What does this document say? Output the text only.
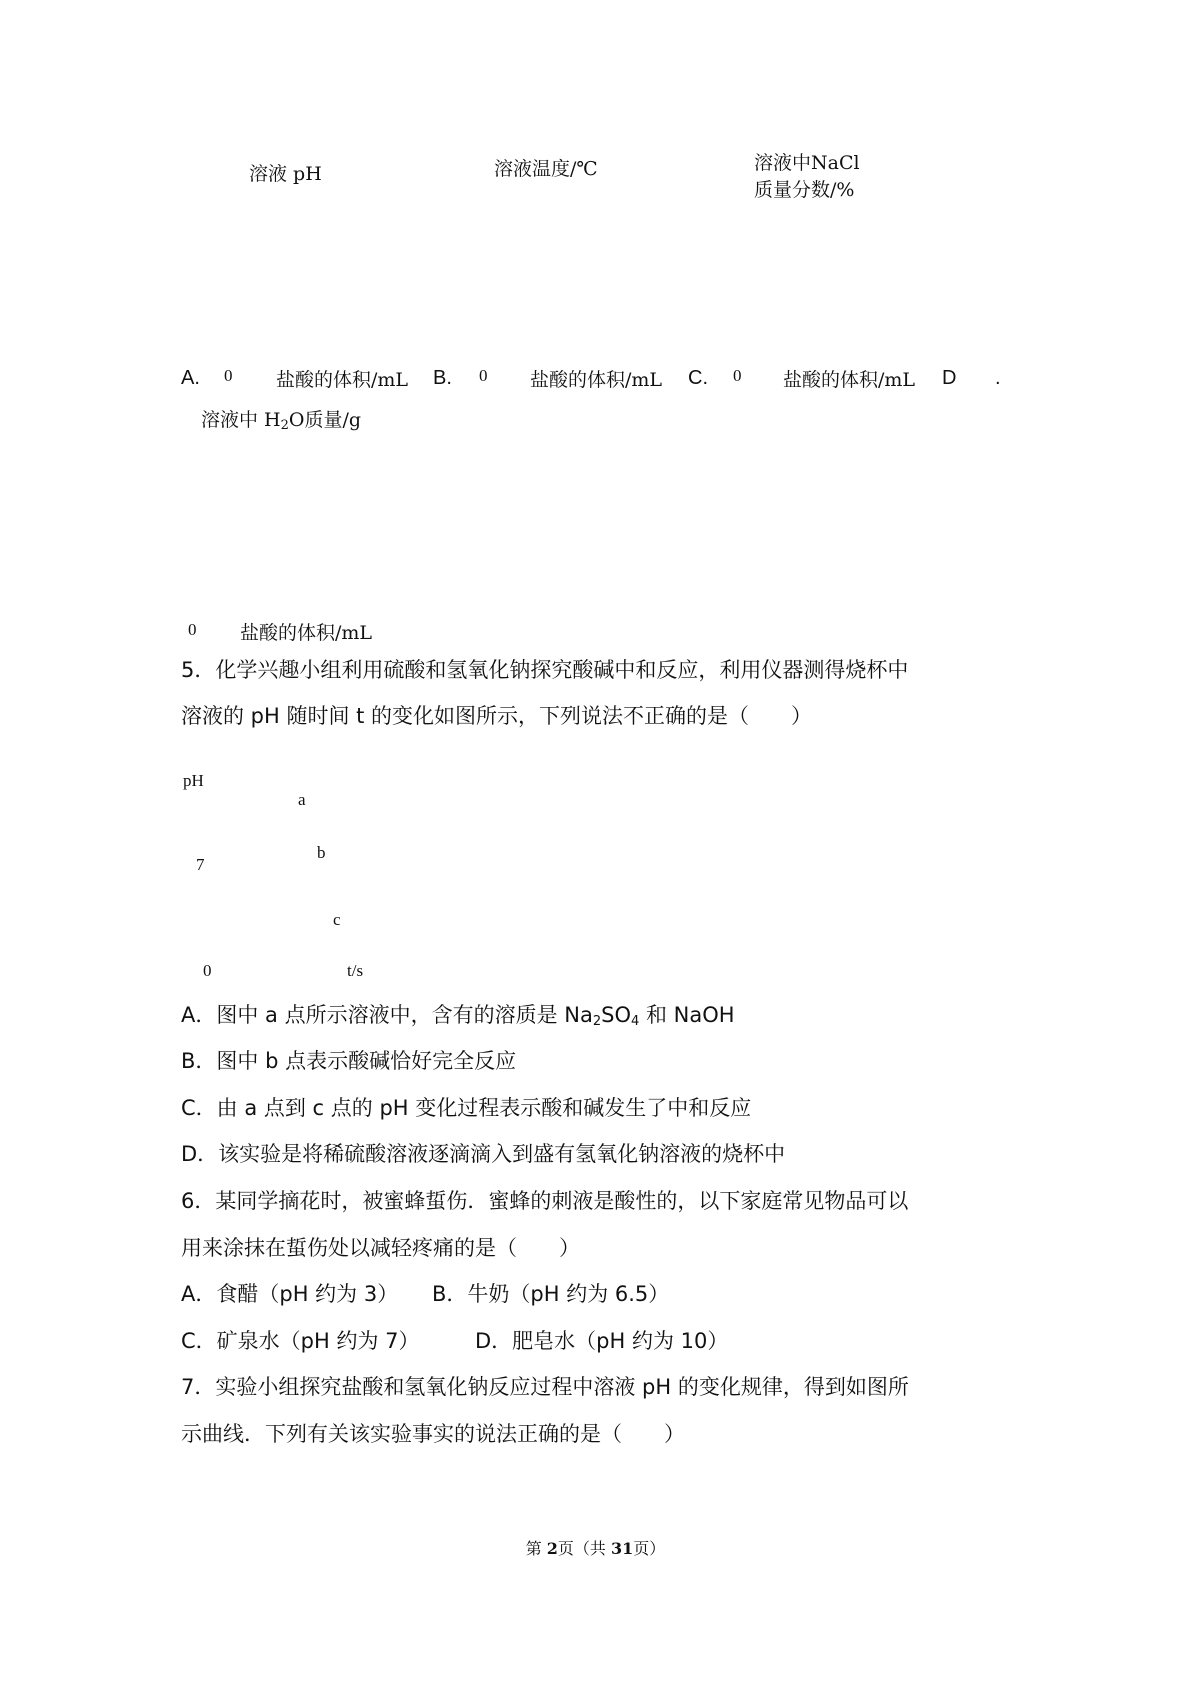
A.
溶液 pH
0 盐酸的体积/mL B.
溶液温度/℃
0 盐酸的体积/mL C.
溶液中NaCl
质量分数/%
0 盐酸的体积/mL D .
溶液中 $H_2O$质量/g
0 盐酸的体积/mL
5．化学兴趣小组利用硫酸和氢氧化钠探究酸碱中和反应，利用仪器测得烧杯中
溶液的 pH 随时间 t 的变化如图所示，下列说法不正确的是（　　）
pH
7
0	t/s
a
b
c
A．图中 a 点所示溶液中，含有的溶质是 $Na_2SO_4$ 和 NaOH
B．图中 b 点表示酸碱恰好完全反应
C．由 a 点到 c 点的 pH 变化过程表示酸和碱发生了中和反应
D．该实验是将稀硫酸溶液逐滴滴入到盛有氢氧化钠溶液的烧杯中
6．某同学摘花时，被蜜蜂蜇伤．蜜蜂的刺液是酸性的，以下家庭常见物品可以
用来涂抹在蜇伤处以减轻疼痛的是（　　）
A．食醋（pH 约为 3） B．牛奶（pH 约为 6.5）
C．矿泉水（pH 约为 7）	D．肥皂水（pH 约为 10）
7．实验小组探究盐酸和氢氧化钠反应过程中溶液 pH 的变化规律，得到如图所
示曲线．下列有关该实验事实的说法正确的是（　　）
第 2页（共 31页）
